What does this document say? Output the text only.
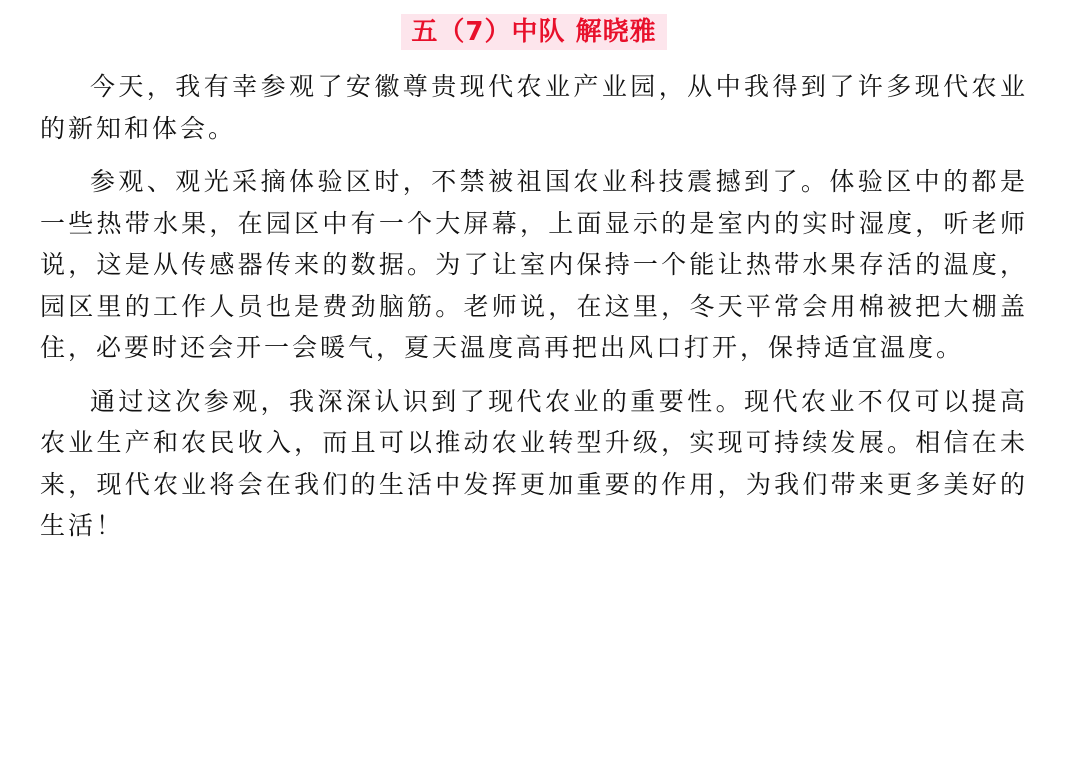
五（7）中队 解晓雅

今天，我有幸参观了安徽尊贵现代农业产业园，从中我得到了许多现代农业的新知和体会。

参观、观光采摘体验区时，不禁被祖国农业科技震撼到了。体验区中的都是一些热带水果，在园区中有一个大屏幕，上面显示的是室内的实时湿度，听老师说，这是从传感器传来的数据。为了让室内保持一个能让热带水果存活的温度，园区里的工作人员也是费劲脑筋。老师说，在这里，冬天平常会用棉被把大棚盖住，必要时还会开一会暖气，夏天温度高再把出风口打开，保持适宜温度。

通过这次参观，我深深认识到了现代农业的重要性。现代农业不仅可以提高农业生产和农民收入，而且可以推动农业转型升级，实现可持续发展。相信在未来，现代农业将会在我们的生活中发挥更加重要的作用，为我们带来更多美好的生活！
